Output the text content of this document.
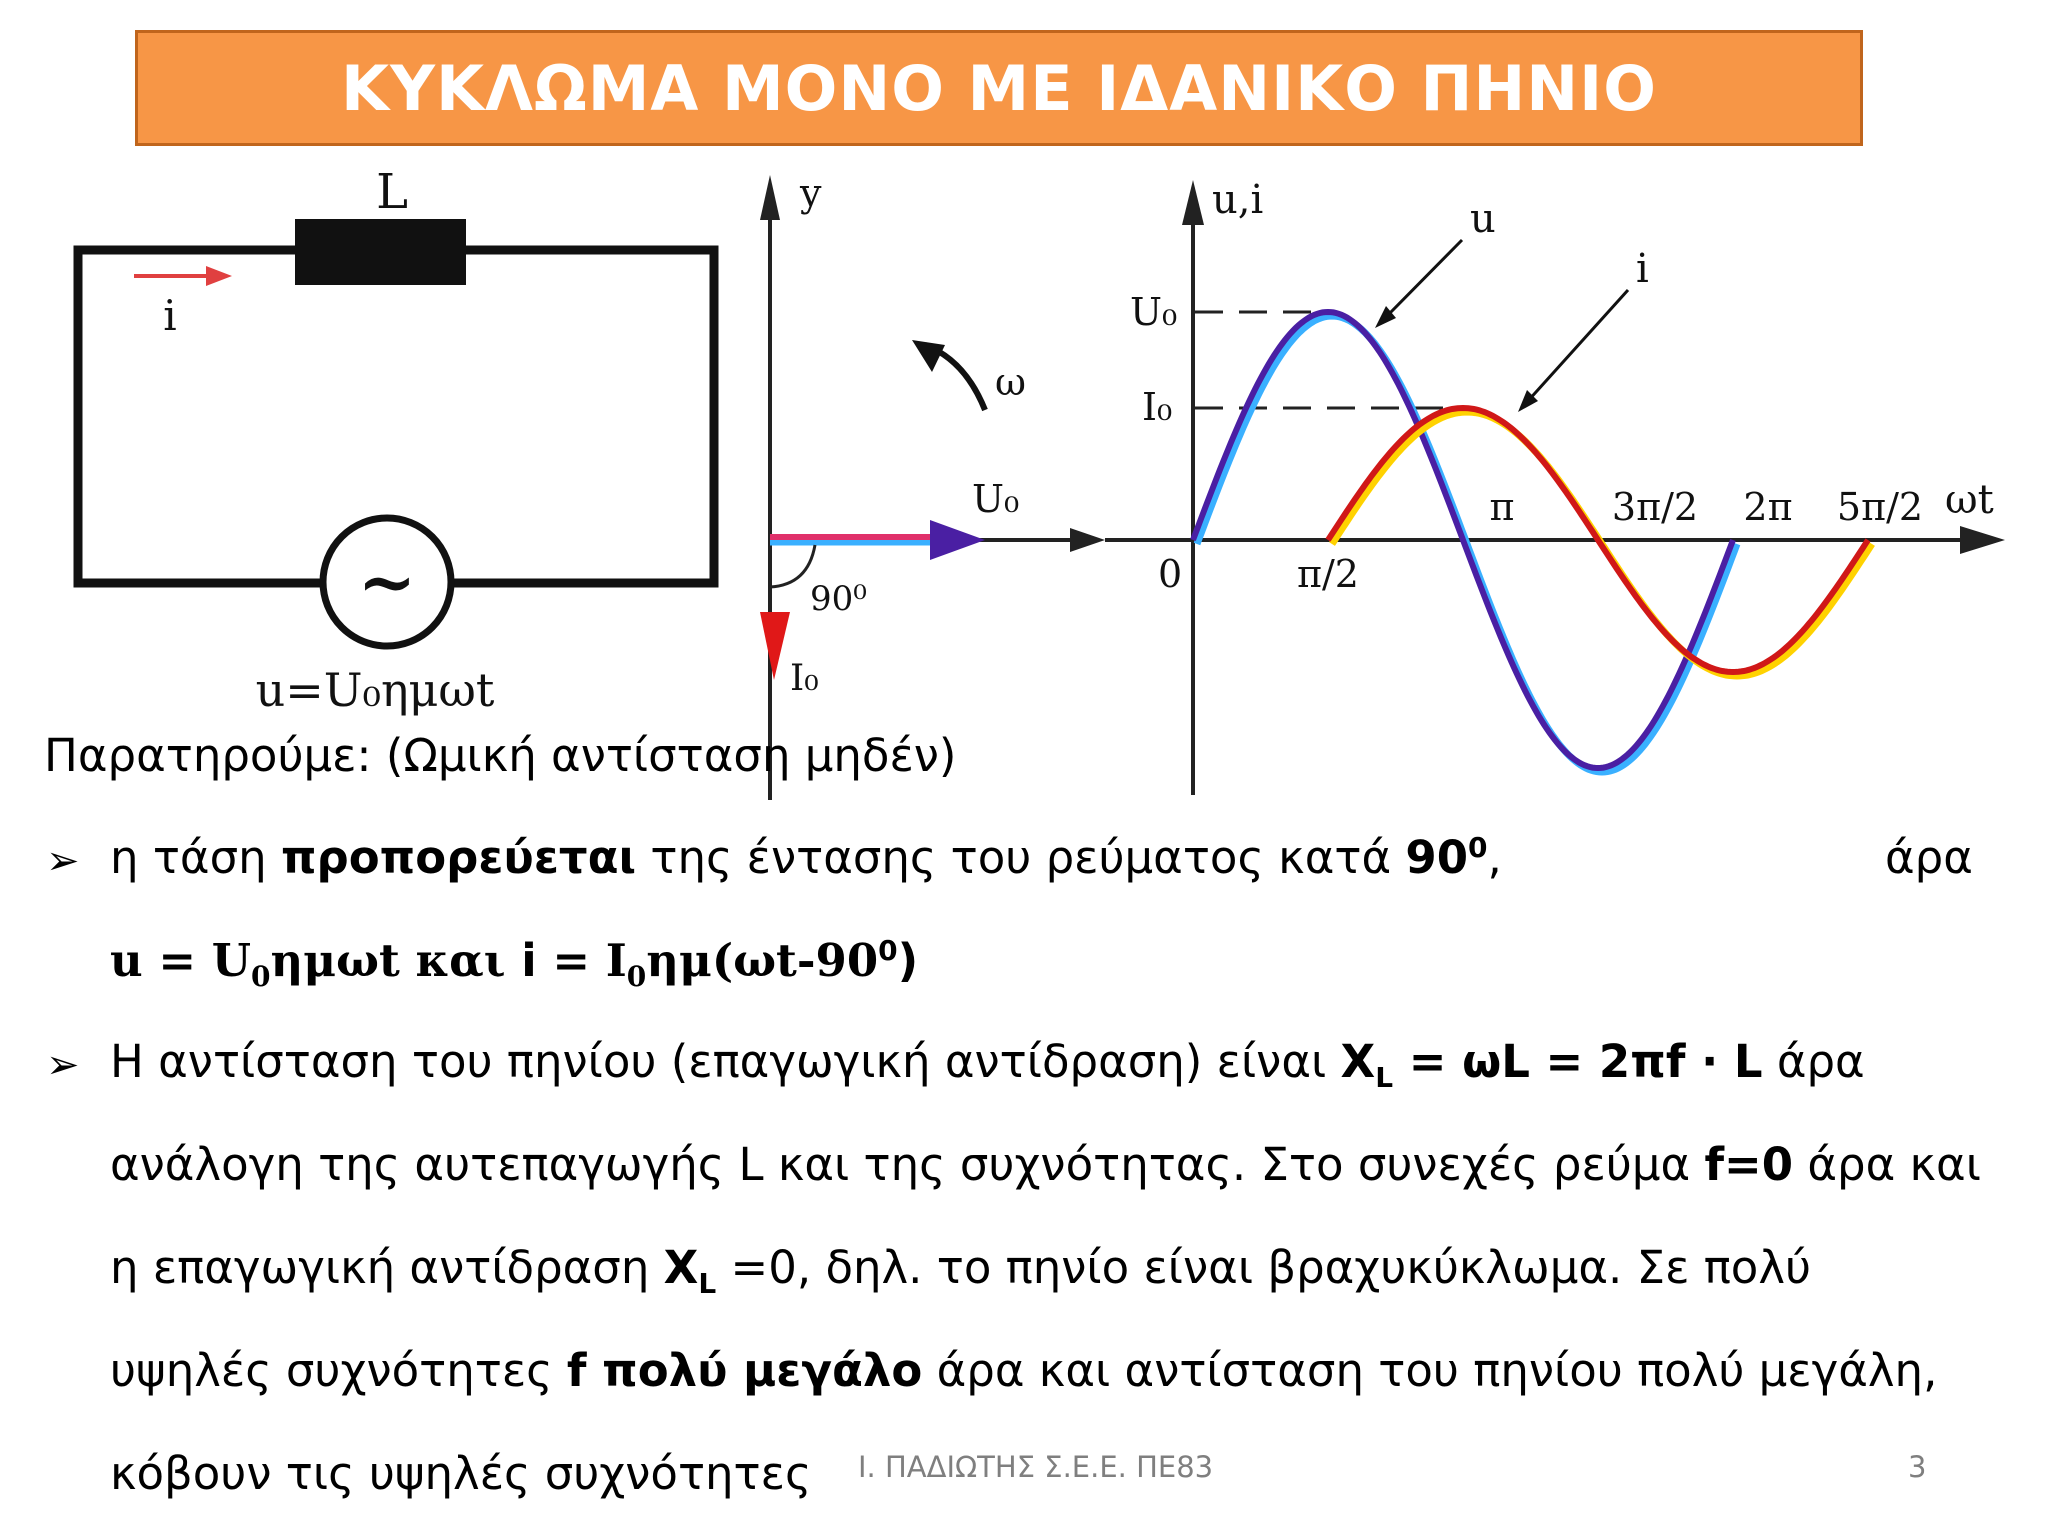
ΚΥΚΛΩΜΑ ΜΟΝΟ ΜΕ ΙΔΑΝΙΚΟ ΠΗΝΙΟ
L
i
~
u=U₀ημωt
y
U₀
I₀
90⁰
ω
u,i
ωt
0
U₀
I₀
π/2
π	3π/2 2π 5π/2
u
i
Παρατηρούμε: (Ωμική αντίσταση μηδέν)
➢ η τάση προπορεύεται της έντασης του ρεύματος κατά $90^0$,	άρα
$u = U_0\eta\mu\omega t$ και $i = I_0\eta\mu(\omega t-90^0)$
➢ Η αντίσταση του πηνίου (επαγωγική αντίδραση) είναι $X_L = \omega L = 2\pi f \cdot L$ άρα
ανάλογη της αυτεπαγωγής L και της συχνότητας. Στο συνεχές ρεύμα f=0 άρα και
η επαγωγική αντίδραση $X_L =0$, δηλ. το πηνίο είναι βραχυκύκλωμα. Σε πολύ
υψηλές συχνότητες f πολύ μεγάλο άρα και αντίσταση του πηνίου πολύ μεγάλη,
κόβουν τις υψηλές συχνότητες Ι. ΠΑΔΙΩΤΗΣ Σ.Ε.Ε. ΠΕ83	3
